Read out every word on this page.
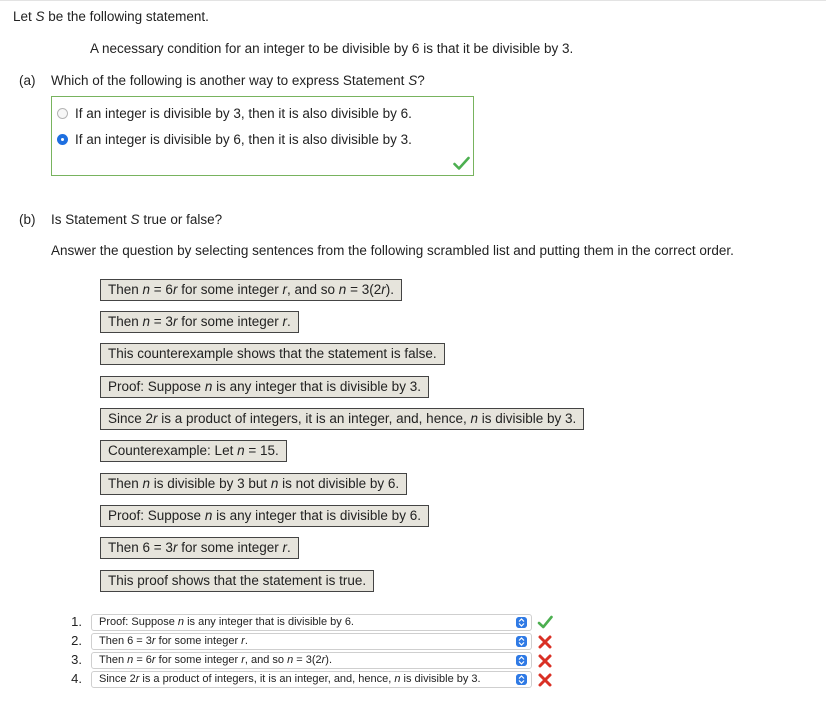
Let S be the following statement.
A necessary condition for an integer to be divisible by 6 is that it be divisible by 3.
(a) Which of the following is another way to express Statement S?
If an integer is divisible by 3, then it is also divisible by 6.
If an integer is divisible by 6, then it is also divisible by 3.
(b) Is Statement S true or false?
Answer the question by selecting sentences from the following scrambled list and putting them in the correct order.
Then n = 6r for some integer r, and so n = 3(2r).
Then n = 3r for some integer r.
This counterexample shows that the statement is false.
Proof: Suppose n is any integer that is divisible by 3.
Since 2r is a product of integers, it is an integer, and, hence, n is divisible by 3.
Counterexample: Let n = 15.
Then n is divisible by 3 but n is not divisible by 6.
Proof: Suppose n is any integer that is divisible by 6.
Then 6 = 3r for some integer r.
This proof shows that the statement is true.
1.	Proof: Suppose n is any integer that is divisible by 6.
2.	Then 6 = 3r for some integer r.
3.	Then n = 6r for some integer r, and so n = 3(2r).
4.	Since 2r is a product of integers, it is an integer, and, hence, n is divisible by 3.
